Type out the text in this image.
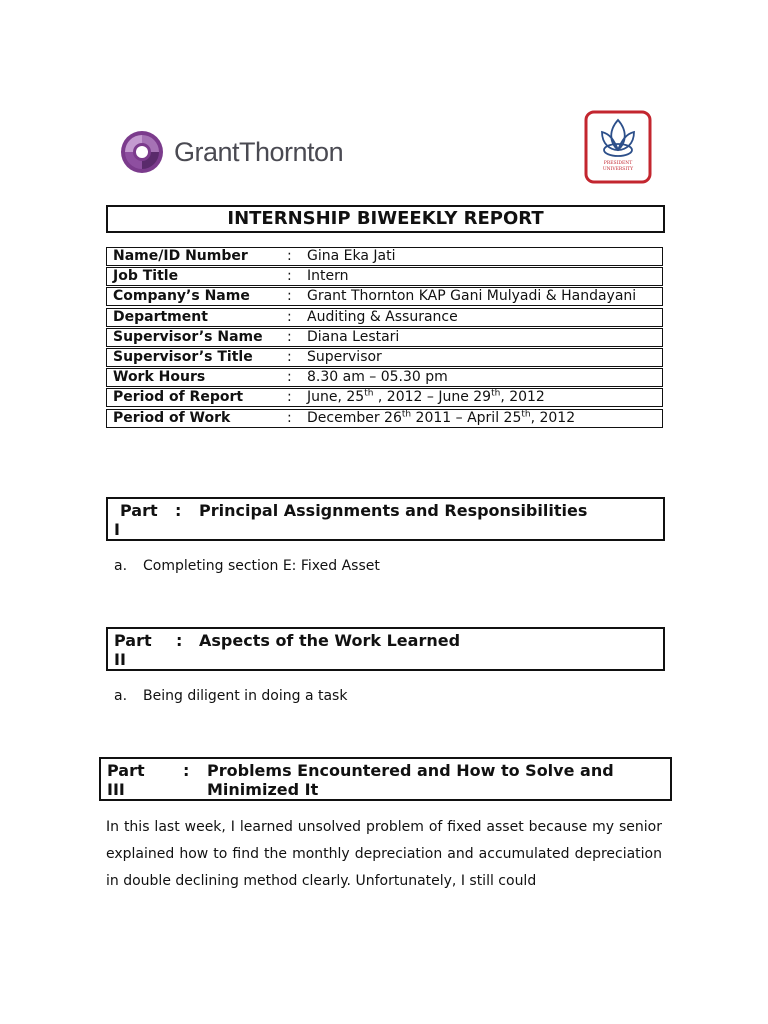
GrantThornton	PRESIDENT
UNIVERSITY
INTERNSHIP BIWEEKLY REPORT
Name/ID Number	: Gina Eka Jati
Job Title	: Intern
Company’s Name	: Grant Thornton KAP Gani Mulyadi & Handayani
Department	: Auditing & Assurance
Supervisor’s Name : Diana Lestari
Supervisor’s Title : Supervisor
Work Hours	: 8.30 am – 05.30 pm
Period of Report	: June, 25th , 2012 – June 29th, 2012
Period of Work	: December 26th 2011 – April 25th, 2012
Part
I
: Principal Assignments and Responsibilities
a. Completing section E: Fixed Asset
Part
II
: Aspects of the Work Learned
a. Being diligent in doing a task
Part
III
: Problems Encountered and How to Solve and
Minimized It
In this last week, I learned unsolved problem of fixed asset because my senior explained how to find the monthly depreciation and accumulated depreciation in double declining method clearly. Unfortunately, I still could
